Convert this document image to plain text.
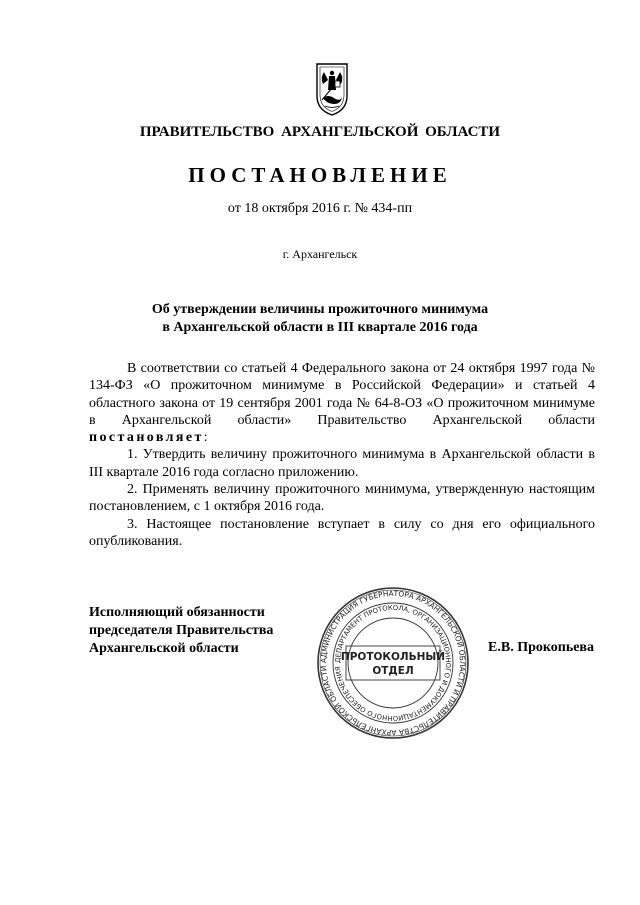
ПРАВИТЕЛЬСТВО АРХАНГЕЛЬСКОЙ ОБЛАСТИ
ПОСТАНОВЛЕНИЕ
от 18 октября 2016 г. № 434-пп
г. Архангельск
Об утверждении величины прожиточного минимума
в Архангельской области в III квартале 2016 года

В соответствии со статьей 4 Федерального закона от 24 октября 1997 года № 134-ФЗ «О прожиточном минимуме в Российской Федерации» и статьей 4 областного закона от 19 сентября 2001 года № 64-8-ОЗ «О прожиточном минимуме в Архангельской области» Правительство Архангельской области постановляет:

1. Утвердить величину прожиточного минимума в Архангельской области в III квартале 2016 года согласно приложению.

2. Применять величину прожиточного минимума, утвержденную настоящим постановлением, с 1 октября 2016 года.

3. Настоящее постановление вступает в силу со дня его официального опубликования.

Исполняющий обязанности
председателя Правительства
Архангельской области
АДМИНИСТРАЦИЯ ГУБЕРНАТОРА АРХАНГЕЛЬСКОЙ ОБЛАСТИ И ПРАВИТЕЛЬСТВА АРХАНГЕЛЬСКОЙ ОБЛАСТИ
ДЕПАРТАМЕНТ ПРОТОКОЛА, ОРГАНИЗАЦИОННОГО И ДОКУМЕНТАЦИОННОГО ОБЕСПЕЧЕНИЯ
ПРОТОКОЛЬНЫЙ
ОТДЕЛ
Е.В. Прокопьева
